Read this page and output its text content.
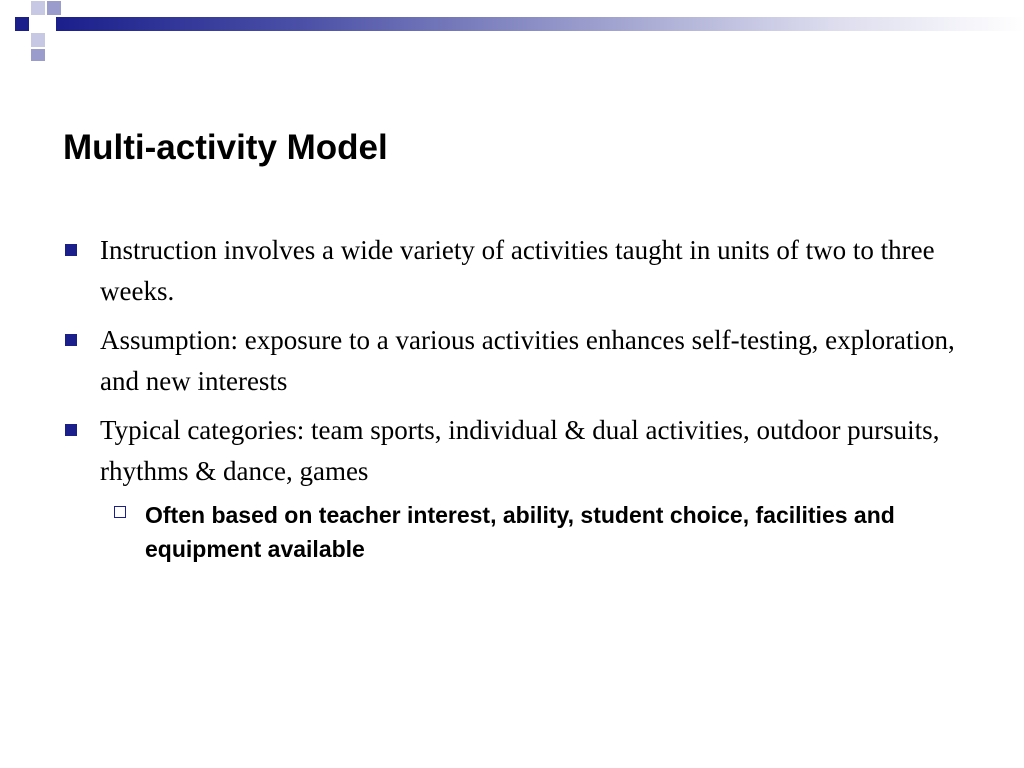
Multi-activity Model
Instruction involves a wide variety of activities taught in units of two to three weeks.
Assumption: exposure to a various activities enhances self-testing, exploration, and new interests
Typical categories: team sports, individual & dual activities, outdoor pursuits, rhythms & dance, games
Often based on teacher interest, ability, student choice, facilities and equipment available
